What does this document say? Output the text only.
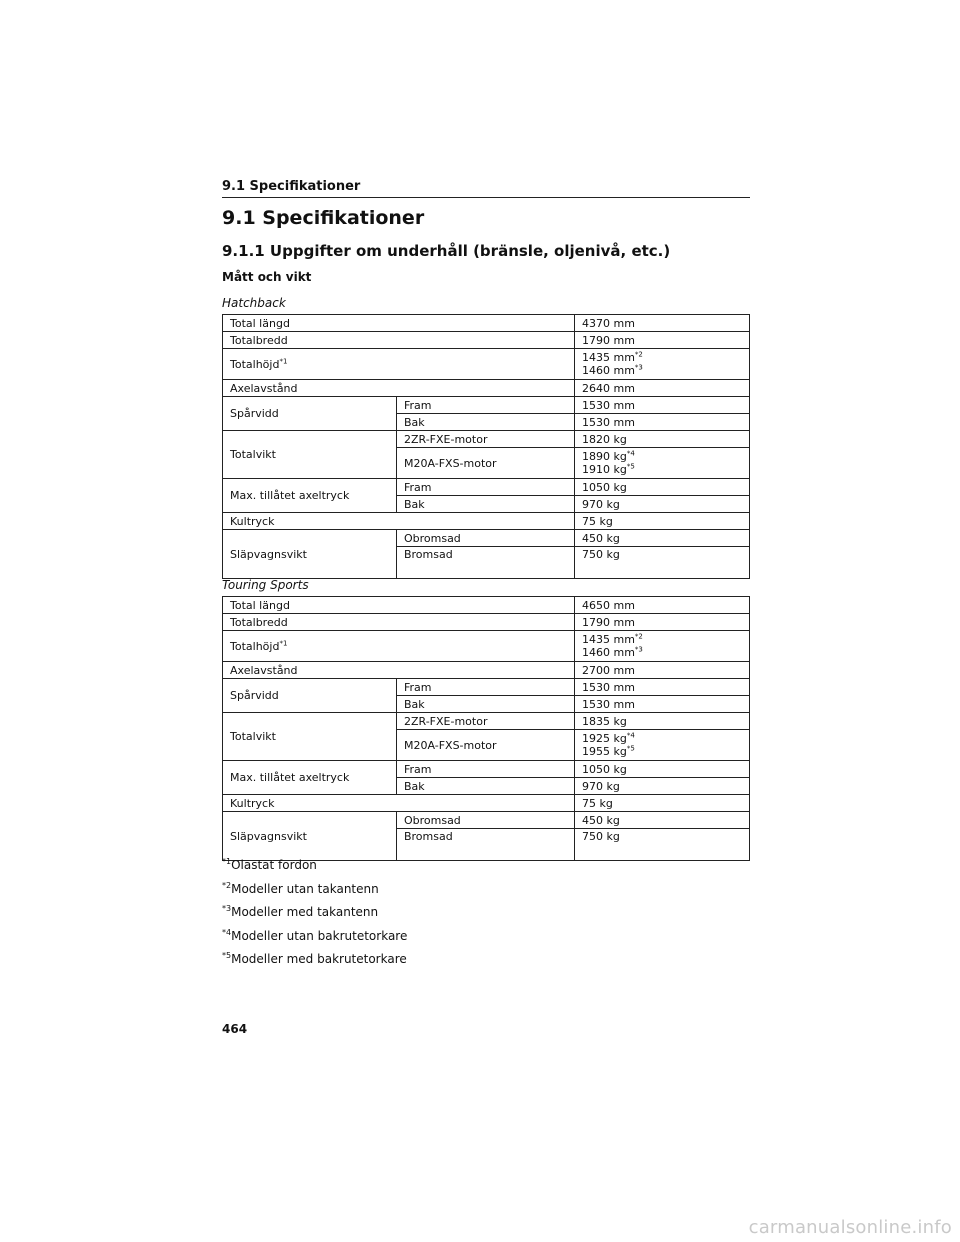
9.1 Specifikationer
9.1 Specifikationer
9.1.1 Uppgifter om underhåll (bränsle, oljenivå, etc.)
Mått och vikt
Hatchback
Total längd		4370 mm
Totalbredd		1790 mm
Totalhöjd$^{*1}$		1435 $mm^{*2}$
1460 $mm^{*3}$
Axelavstånd		2640 mm
Spårvidd	Fram	1530 mm
	Bak	1530 mm
Totalvikt	2ZR-FXE-motor	1820 kg
	M20A-FXS-motor	1890 $kg^{*4}$
1910 $kg^{*5}$
Max. tillåtet axeltryck	Fram	1050 kg
	Bak	970 kg
Kultryck		75 kg
Släpvagnsvikt	Obromsad	450 kg
	Bromsad	750 kg
Touring Sports
Total längd		4650 mm
Totalbredd		1790 mm
Totalhöjd$^{*1}$		1435 $mm^{*2}$
1460 $mm^{*3}$
Axelavstånd		2700 mm
Spårvidd	Fram	1530 mm
	Bak	1530 mm
Totalvikt	2ZR-FXE-motor	1835 kg
	M20A-FXS-motor	1925 $kg^{*4}$
1955 $kg^{*5}$
Max. tillåtet axeltryck	Fram	1050 kg
	Bak	970 kg
Kultryck		75 kg
Släpvagnsvikt	Obromsad	450 kg
	Bromsad	750 kg
$^{*1}$Olastat fordon
$^{*2}$Modeller utan takantenn
$^{*3}$Modeller med takantenn
$^{*4}$Modeller utan bakrutetorkare
$^{*5}$Modeller med bakrutetorkare
464
carmanualsonline.info
